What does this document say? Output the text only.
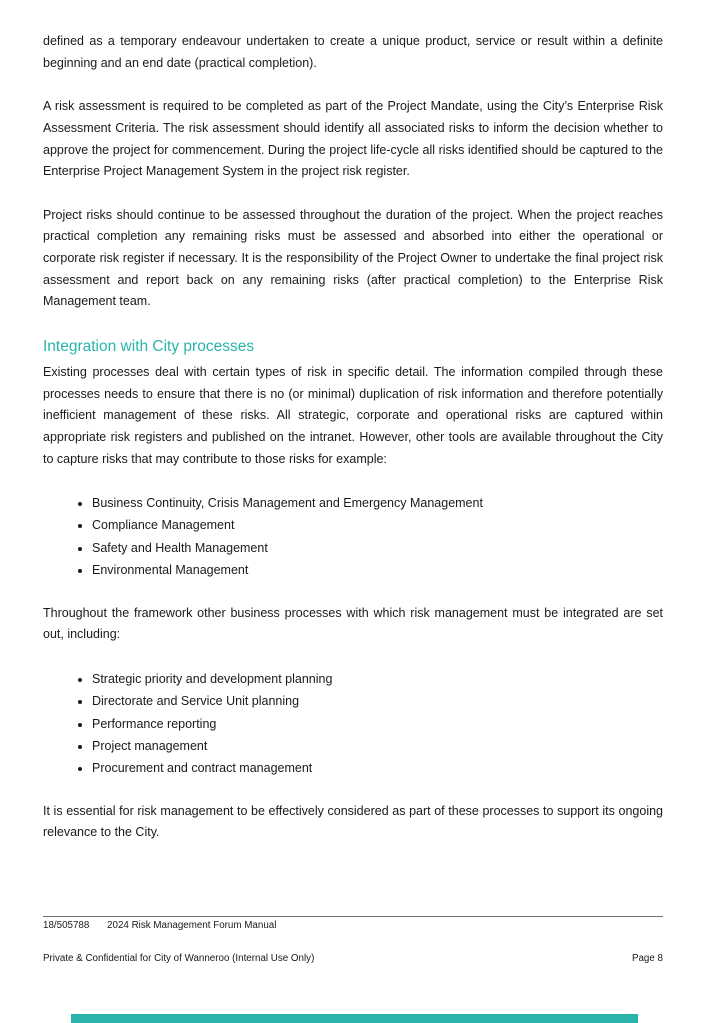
defined as a temporary endeavour undertaken to create a unique product, service or result within a definite beginning and an end date (practical completion).

A risk assessment is required to be completed as part of the Project Mandate, using the City’s Enterprise Risk Assessment Criteria. The risk assessment should identify all associated risks to inform the decision whether to approve the project for commencement. During the project life-cycle all risks identified should be captured to the Enterprise Project Management System in the project risk register.

Project risks should continue to be assessed throughout the duration of the project. When the project reaches practical completion any remaining risks must be assessed and absorbed into either the operational or corporate risk register if necessary. It is the responsibility of the Project Owner to undertake the final project risk assessment and report back on any remaining risks (after practical completion) to the Enterprise Risk Management team.

Integration with City processes

Existing processes deal with certain types of risk in specific detail. The information compiled through these processes needs to ensure that there is no (or minimal) duplication of risk information and therefore potentially inefficient management of these risks. All strategic, corporate and operational risks are captured within appropriate risk registers and published on the intranet. However, other tools are available throughout the City to capture risks that may contribute to those risks for example:

• Business Continuity, Crisis Management and Emergency Management
• Compliance Management
• Safety and Health Management
• Environmental Management

Throughout the framework other business processes with which risk management must be integrated are set out, including:

• Strategic priority and development planning
• Directorate and Service Unit planning
• Performance reporting
• Project management
• Procurement and contract management

It is essential for risk management to be effectively considered as part of these processes to support its ongoing relevance to the City.

18/505788 2024 Risk Management Forum Manual
Private & Confidential for City of Wanneroo (Internal Use Only)	Page 8
